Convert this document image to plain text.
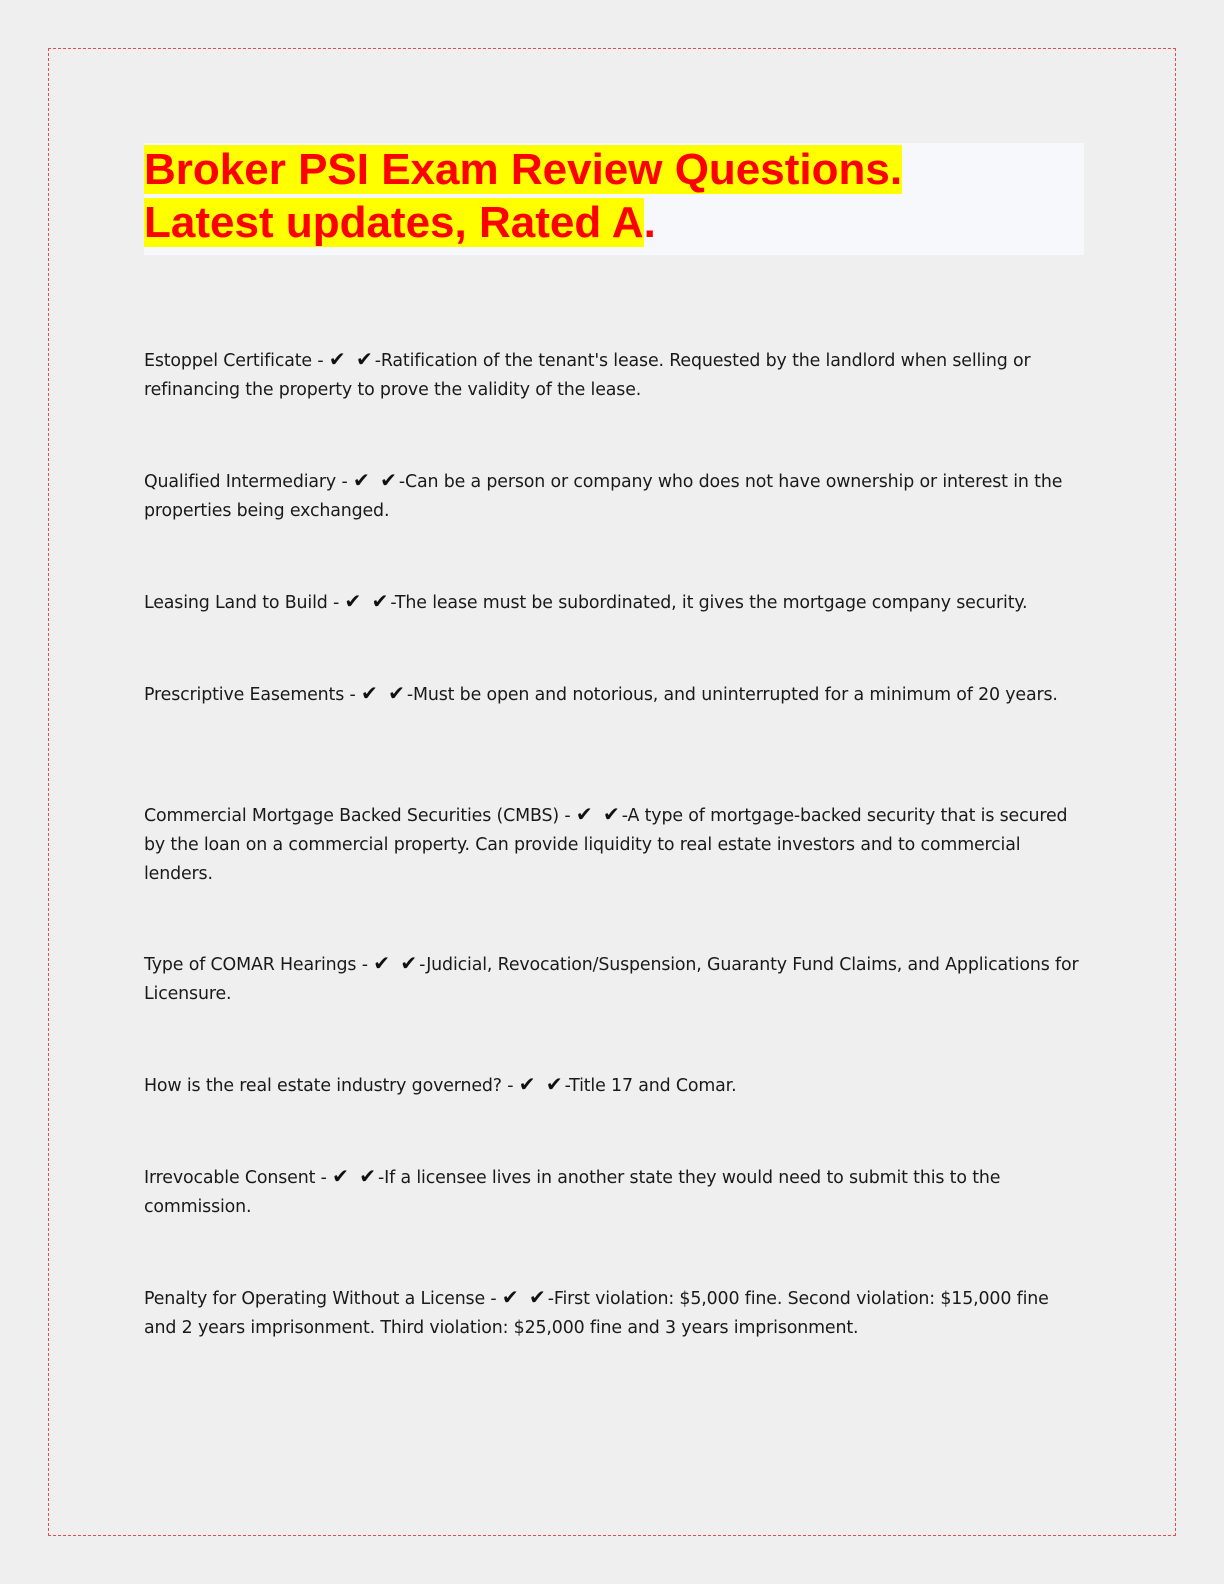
Broker PSI Exam Review Questions.
Latest updates, Rated A.

Estoppel Certificate - ✔ ✔-Ratification of the tenant's lease. Requested by the landlord when selling or refinancing the property to prove the validity of the lease.

Qualified Intermediary - ✔ ✔-Can be a person or company who does not have ownership or interest in the properties being exchanged.

Leasing Land to Build - ✔ ✔-The lease must be subordinated, it gives the mortgage company security.

Prescriptive Easements - ✔ ✔-Must be open and notorious, and uninterrupted for a minimum of 20 years.

Commercial Mortgage Backed Securities (CMBS) - ✔ ✔-A type of mortgage-backed security that is secured by the loan on a commercial property. Can provide liquidity to real estate investors and to commercial lenders.

Type of COMAR Hearings - ✔ ✔-Judicial, Revocation/Suspension, Guaranty Fund Claims, and Applications for Licensure.

How is the real estate industry governed? - ✔ ✔-Title 17 and Comar.

Irrevocable Consent - ✔ ✔-If a licensee lives in another state they would need to submit this to the commission.

Penalty for Operating Without a License - ✔ ✔-First violation: $5,000 fine. Second violation: $15,000 fine and 2 years imprisonment. Third violation: $25,000 fine and 3 years imprisonment.
